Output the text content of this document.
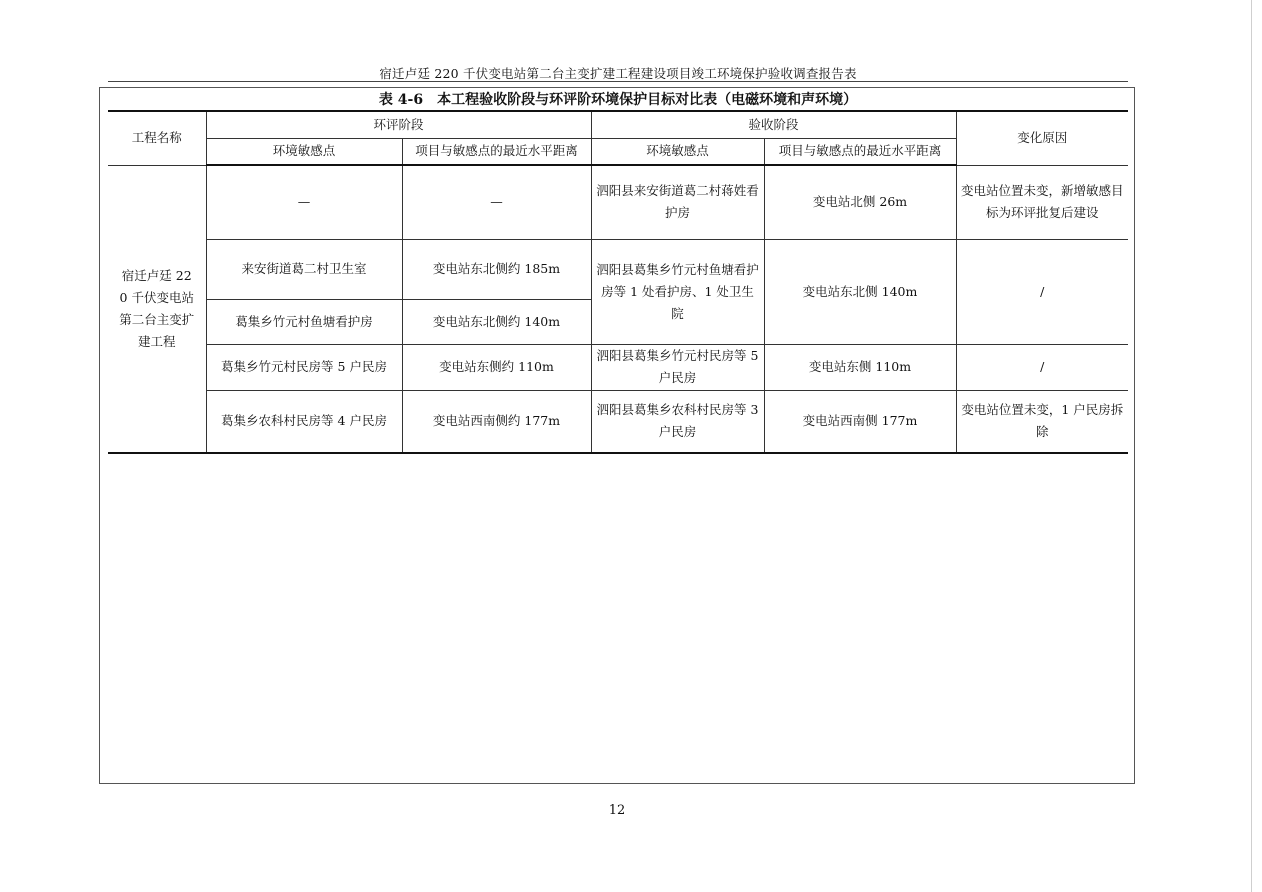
宿迁卢廷 220 千伏变电站第二台主变扩建工程建设项目竣工环境保护验收调查报告表
表 4-6　本工程验收阶段与环评阶环境保护目标对比表（电磁环境和声环境）
工程名称	环评阶段		验收阶段		变化原因
	环境敏感点	项目与敏感点的最近水平距离	环境敏感点	项目与敏感点的最近水平距离	
宿迁卢廷 220 千伏变电站第二台主变扩建工程	—	—	泗阳县来安街道葛二村蒋姓看护房	变电站北侧 26m	变电站位置未变，新增敏感目标为环评批复后建设
	来安街道葛二村卫生室	变电站东北侧约 185m	泗阳县葛集乡竹元村鱼塘看护房等 1 处看护房、1 处卫生院	变电站东北侧 140m	/
	葛集乡竹元村鱼塘看护房	变电站东北侧约 140m			
	葛集乡竹元村民房等 5 户民房	变电站东侧约 110m	泗阳县葛集乡竹元村民房等 5 户民房	变电站东侧 110m	/
	葛集乡农科村民房等 4 户民房	变电站西南侧约 177m	泗阳县葛集乡农科村民房等 3 户民房	变电站西南侧 177m	变电站位置未变，1 户民房拆除
12
